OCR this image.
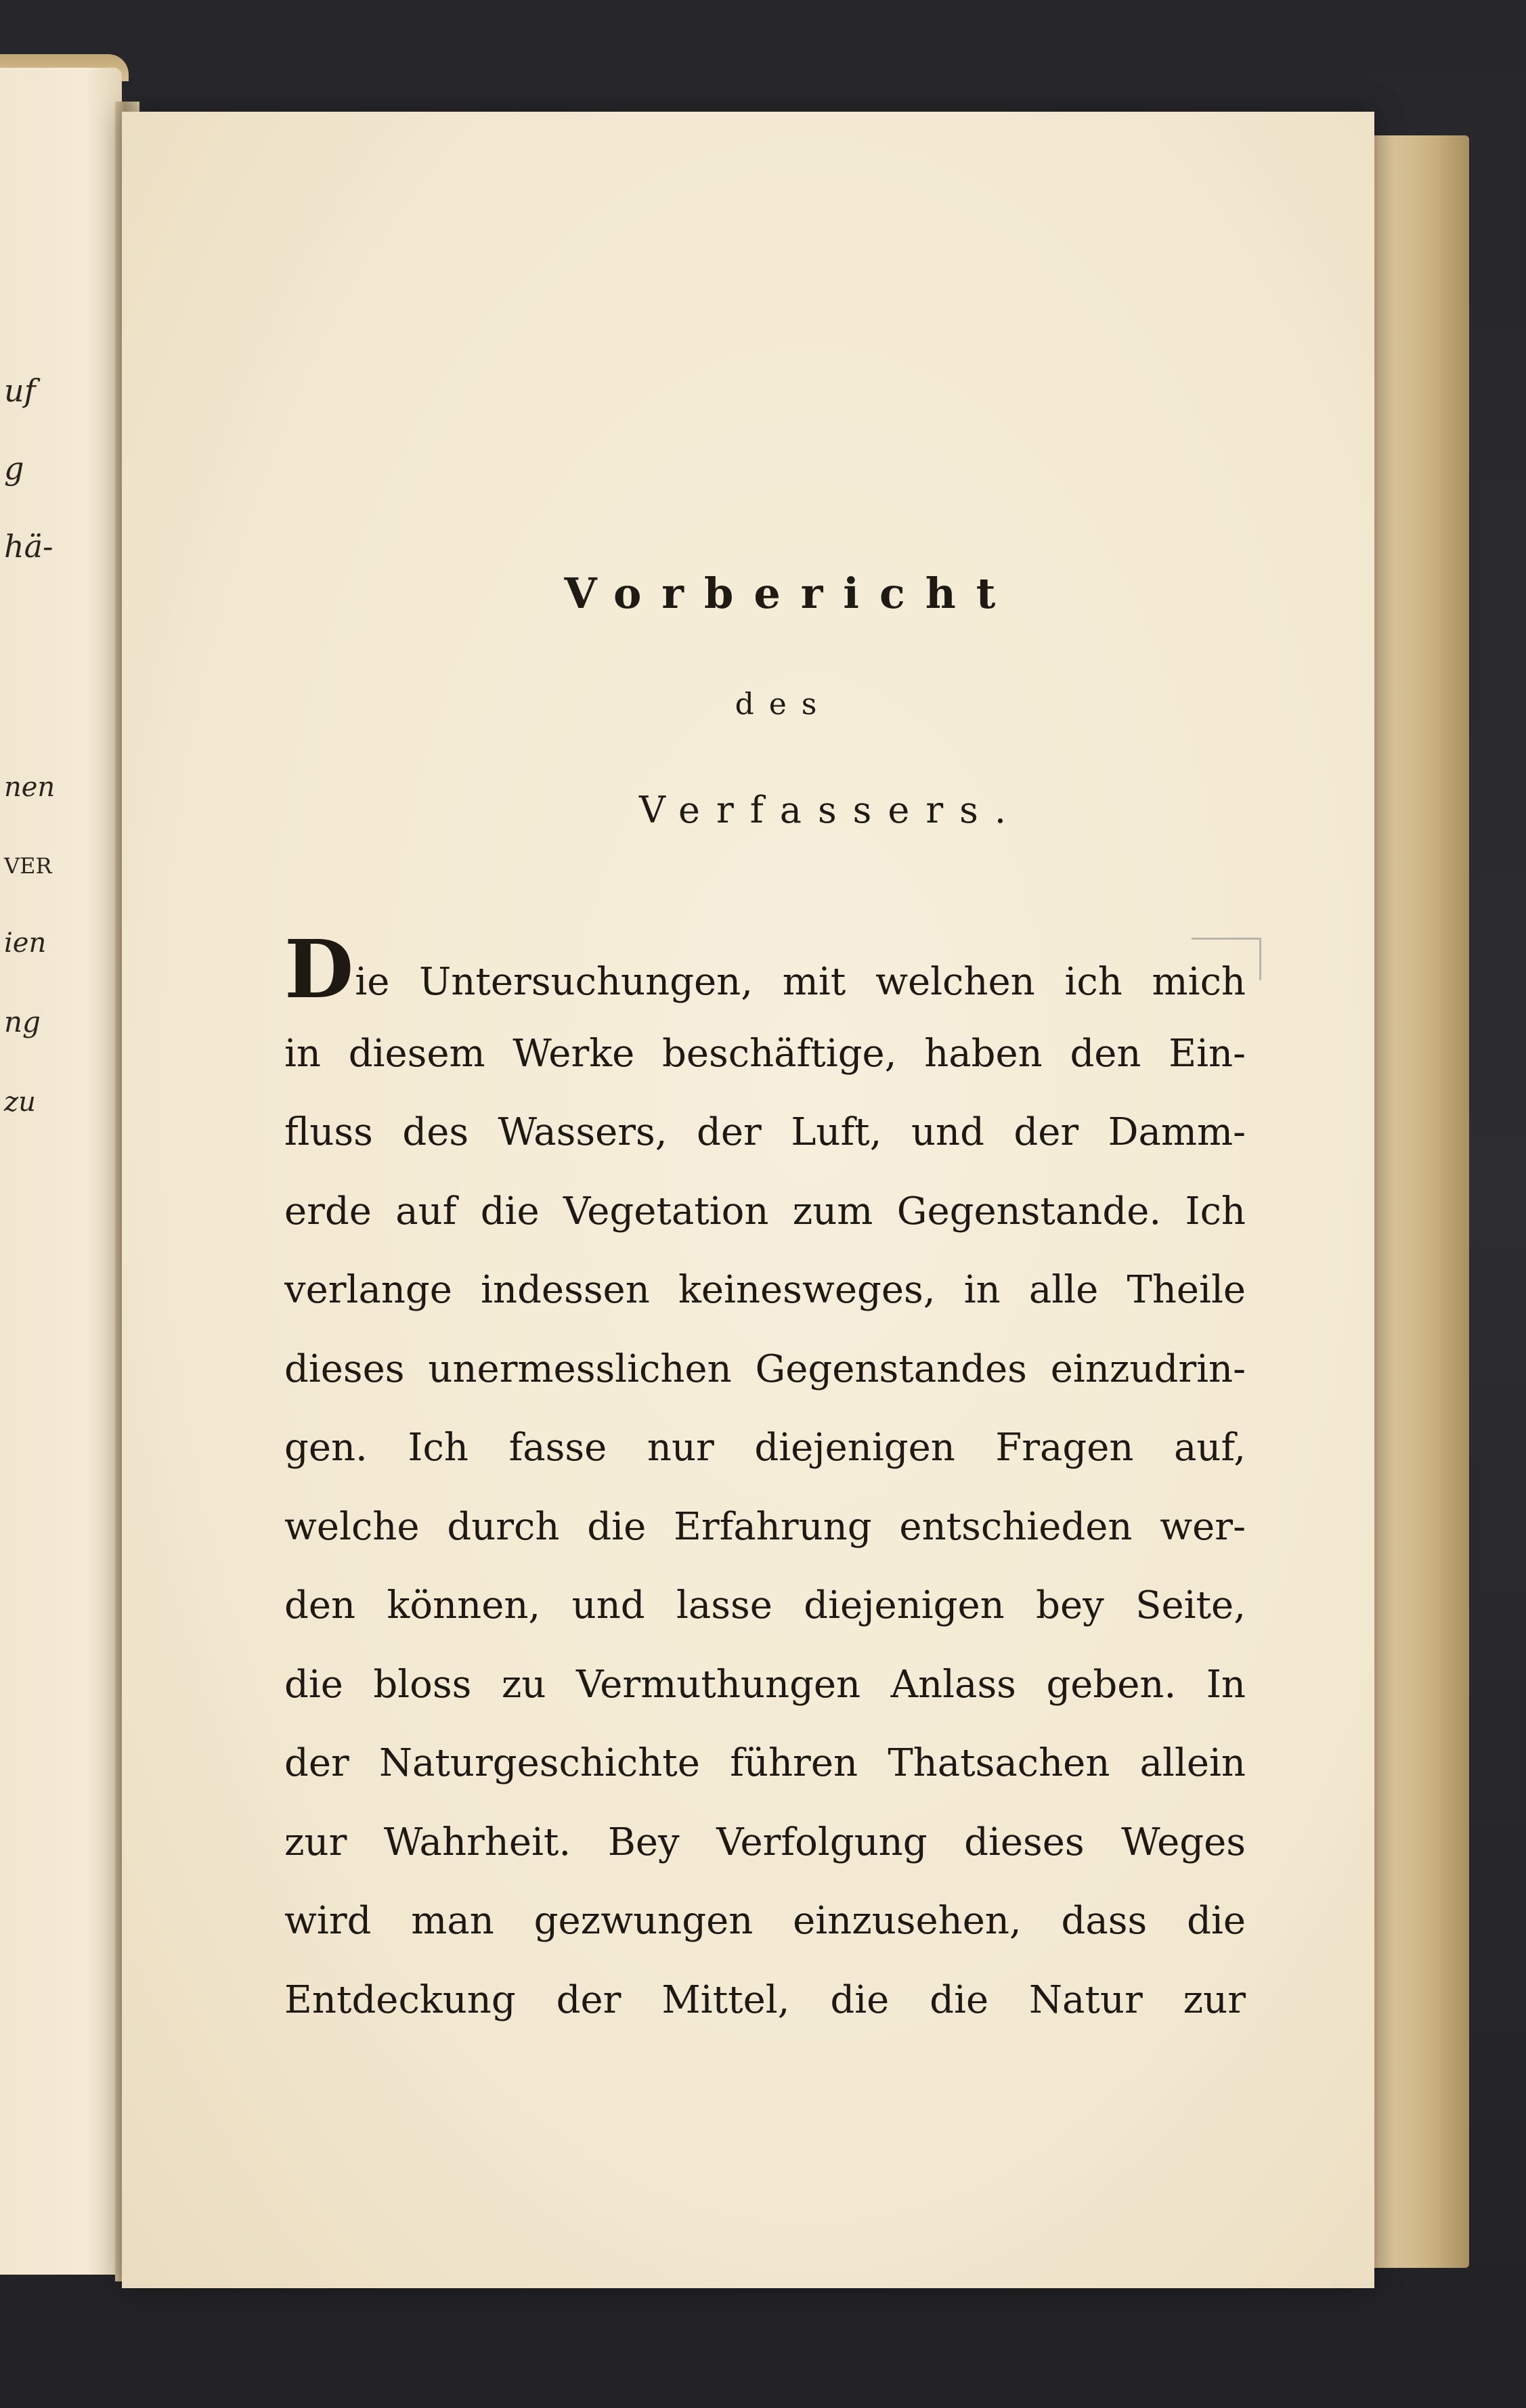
uf
g
hä-
nen
VER
ien
ng
zu
Vorbericht
des
Verfassers.
Die Untersuchungen, mit welchen ich mich
in diesem Werke beschäftige, haben den Ein-
fluss des Wassers, der Luft, und der Damm-
erde auf die Vegetation zum Gegenstande. Ich
verlange indessen keinesweges, in alle Theile
dieses unermesslichen Gegenstandes einzudrin-
gen. Ich fasse nur diejenigen Fragen auf,
welche durch die Erfahrung entschieden wer-
den können, und lasse diejenigen bey Seite,
die bloss zu Vermuthungen Anlass geben. In
der Naturgeschichte führen Thatsachen allein
zur Wahrheit. Bey Verfolgung dieses Weges
wird man gezwungen einzusehen, dass die
Entdeckung der Mittel, die die Natur zur
